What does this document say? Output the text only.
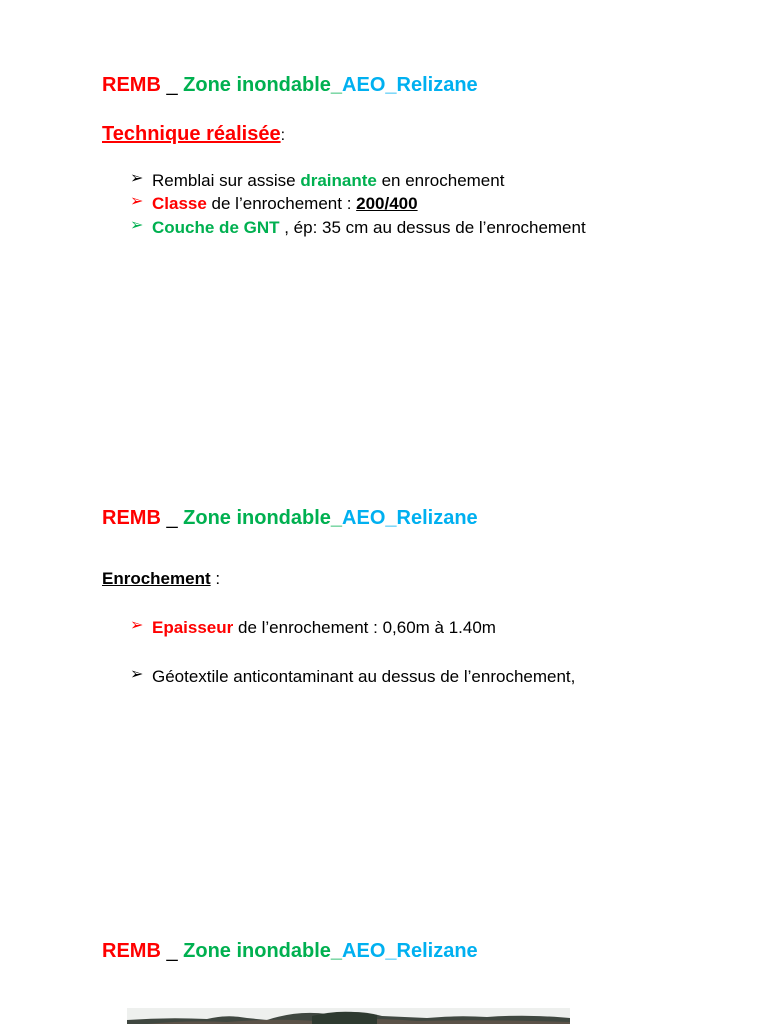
REMB _ Zone inondable_AEO_Relizane
Technique réalisée:
➢ Remblai sur assise drainante en enrochement
➢ Classe de l’enrochement : 200/400
➢ Couche de GNT , ép: 35 cm au dessus de l’enrochement
REMB _ Zone inondable_AEO_Relizane
Enrochement :
➢ Epaisseur de l’enrochement : 0,60m à 1.40m
➢ Géotextile anticontaminant au dessus de l’enrochement,
REMB _ Zone inondable_AEO_Relizane
